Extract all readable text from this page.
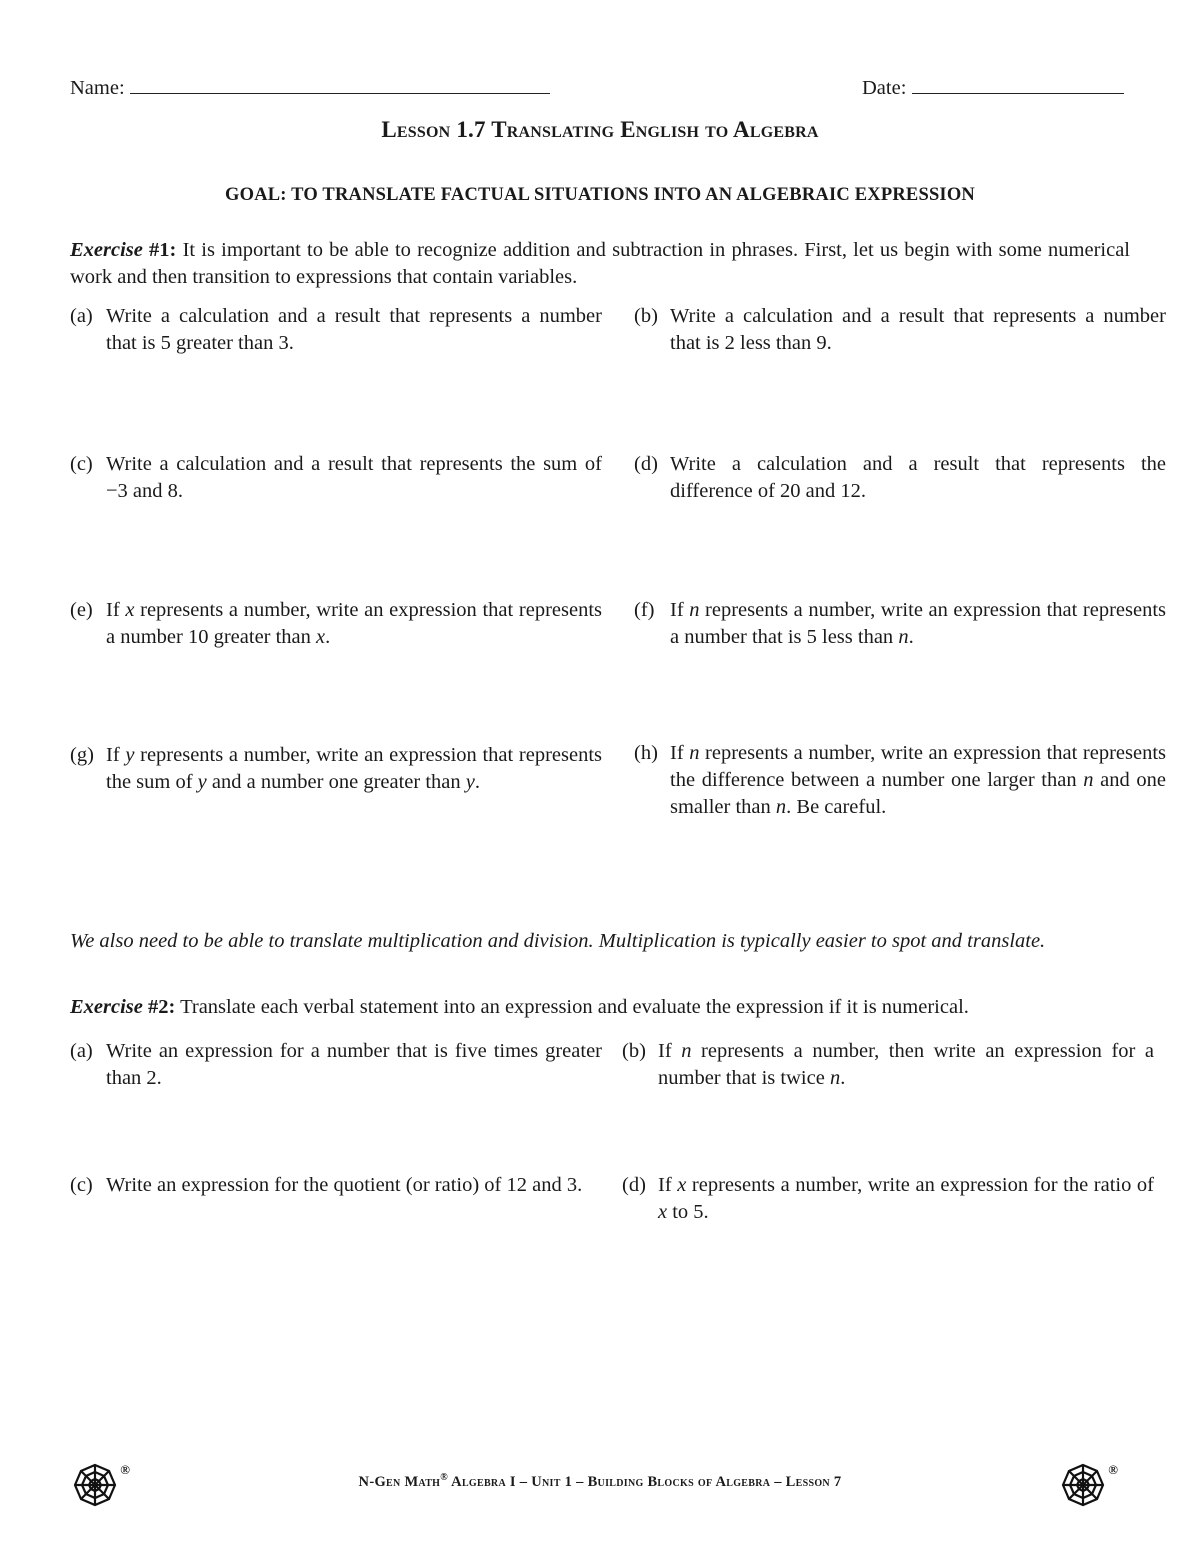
Name:	Date:
Lesson 1.7 Translating English to Algebra
GOAL: TO TRANSLATE FACTUAL SITUATIONS INTO AN ALGEBRAIC EXPRESSION
Exercise #1: It is important to be able to recognize addition and subtraction in phrases. First, let us begin with some numerical work and then transition to expressions that contain variables.
(a) Write a calculation and a result that represents a number that is 5 greater than 3.
(b) Write a calculation and a result that represents a number that is 2 less than 9.
(c) Write a calculation and a result that represents the sum of −3 and 8.
(d) Write a calculation and a result that represents the difference of 20 and 12.
(e) If x represents a number, write an expression that represents a number 10 greater than x.
(f) If n represents a number, write an expression that represents a number that is 5 less than n.
(g) If y represents a number, write an expression that represents the sum of y and a number one greater than y.
(h) If n represents a number, write an expression that represents the difference between a number one larger than n and one smaller than n. Be careful.
We also need to be able to translate multiplication and division. Multiplication is typically easier to spot and translate.
Exercise #2: Translate each verbal statement into an expression and evaluate the expression if it is numerical.
(a) Write an expression for a number that is five times greater than 2.
(b) If n represents a number, then write an expression for a number that is twice n.
(c) Write an expression for the quotient (or ratio) of 12 and 3.	(d) If x represents a number, write an expression for the ratio of x to 5.
®
N-Gen Math® Algebra I – Unit 1 – Building Blocks of Algebra – Lesson 7
®
